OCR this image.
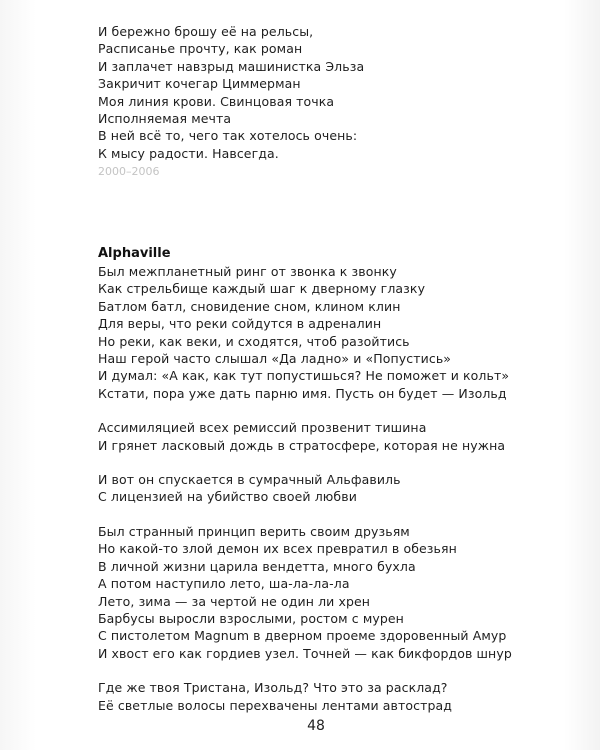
И бережно брошу её на рельсы,
Расписанье прочту, как роман
И заплачет навзрыд машинистка Эльза
Закричит кочегар Циммерман
Моя линия крови. Свинцовая точка
Исполняемая мечта
В ней всё то, чего так хотелось очень:
К мысу радости. Навсегда.
2000–2006
Alphaville
Был межпланетный ринг от звонка к звонку
Как стрельбище каждый шаг к дверному глазку
Батлом батл, сновидение сном, клином клин
Для веры, что реки сойдутся в адреналин
Но реки, как веки, и сходятся, чтоб разойтись
Наш герой часто слышал «Да ладно» и «Попустись»
И думал: «А как, как тут попустишься? Не поможет и кольт»
Кстати, пора уже дать парню имя. Пусть он будет — Изольд
Ассимиляцией всех ремиссий прозвенит тишина
И грянет ласковый дождь в стратосфере, которая не нужна
И вот он спускается в сумрачный Альфавиль
С лицензией на убийство своей любви
Был странный принцип верить своим друзьям
Но какой-то злой демон их всех превратил в обезьян
В личной жизни царила вендетта, много бухла
А потом наступило лето, ша-ла-ла-ла
Лето, зима — за чертой не один ли хрен
Барбусы выросли взрослыми, ростом с мурен
С пистолетом Magnum в дверном проеме здоровенный Амур
И хвост его как гордиев узел. Точней — как бикфордов шнур
Где же твоя Тристана, Изольд? Что это за расклад?
Её светлые волосы перехвачены лентами автострад
48
